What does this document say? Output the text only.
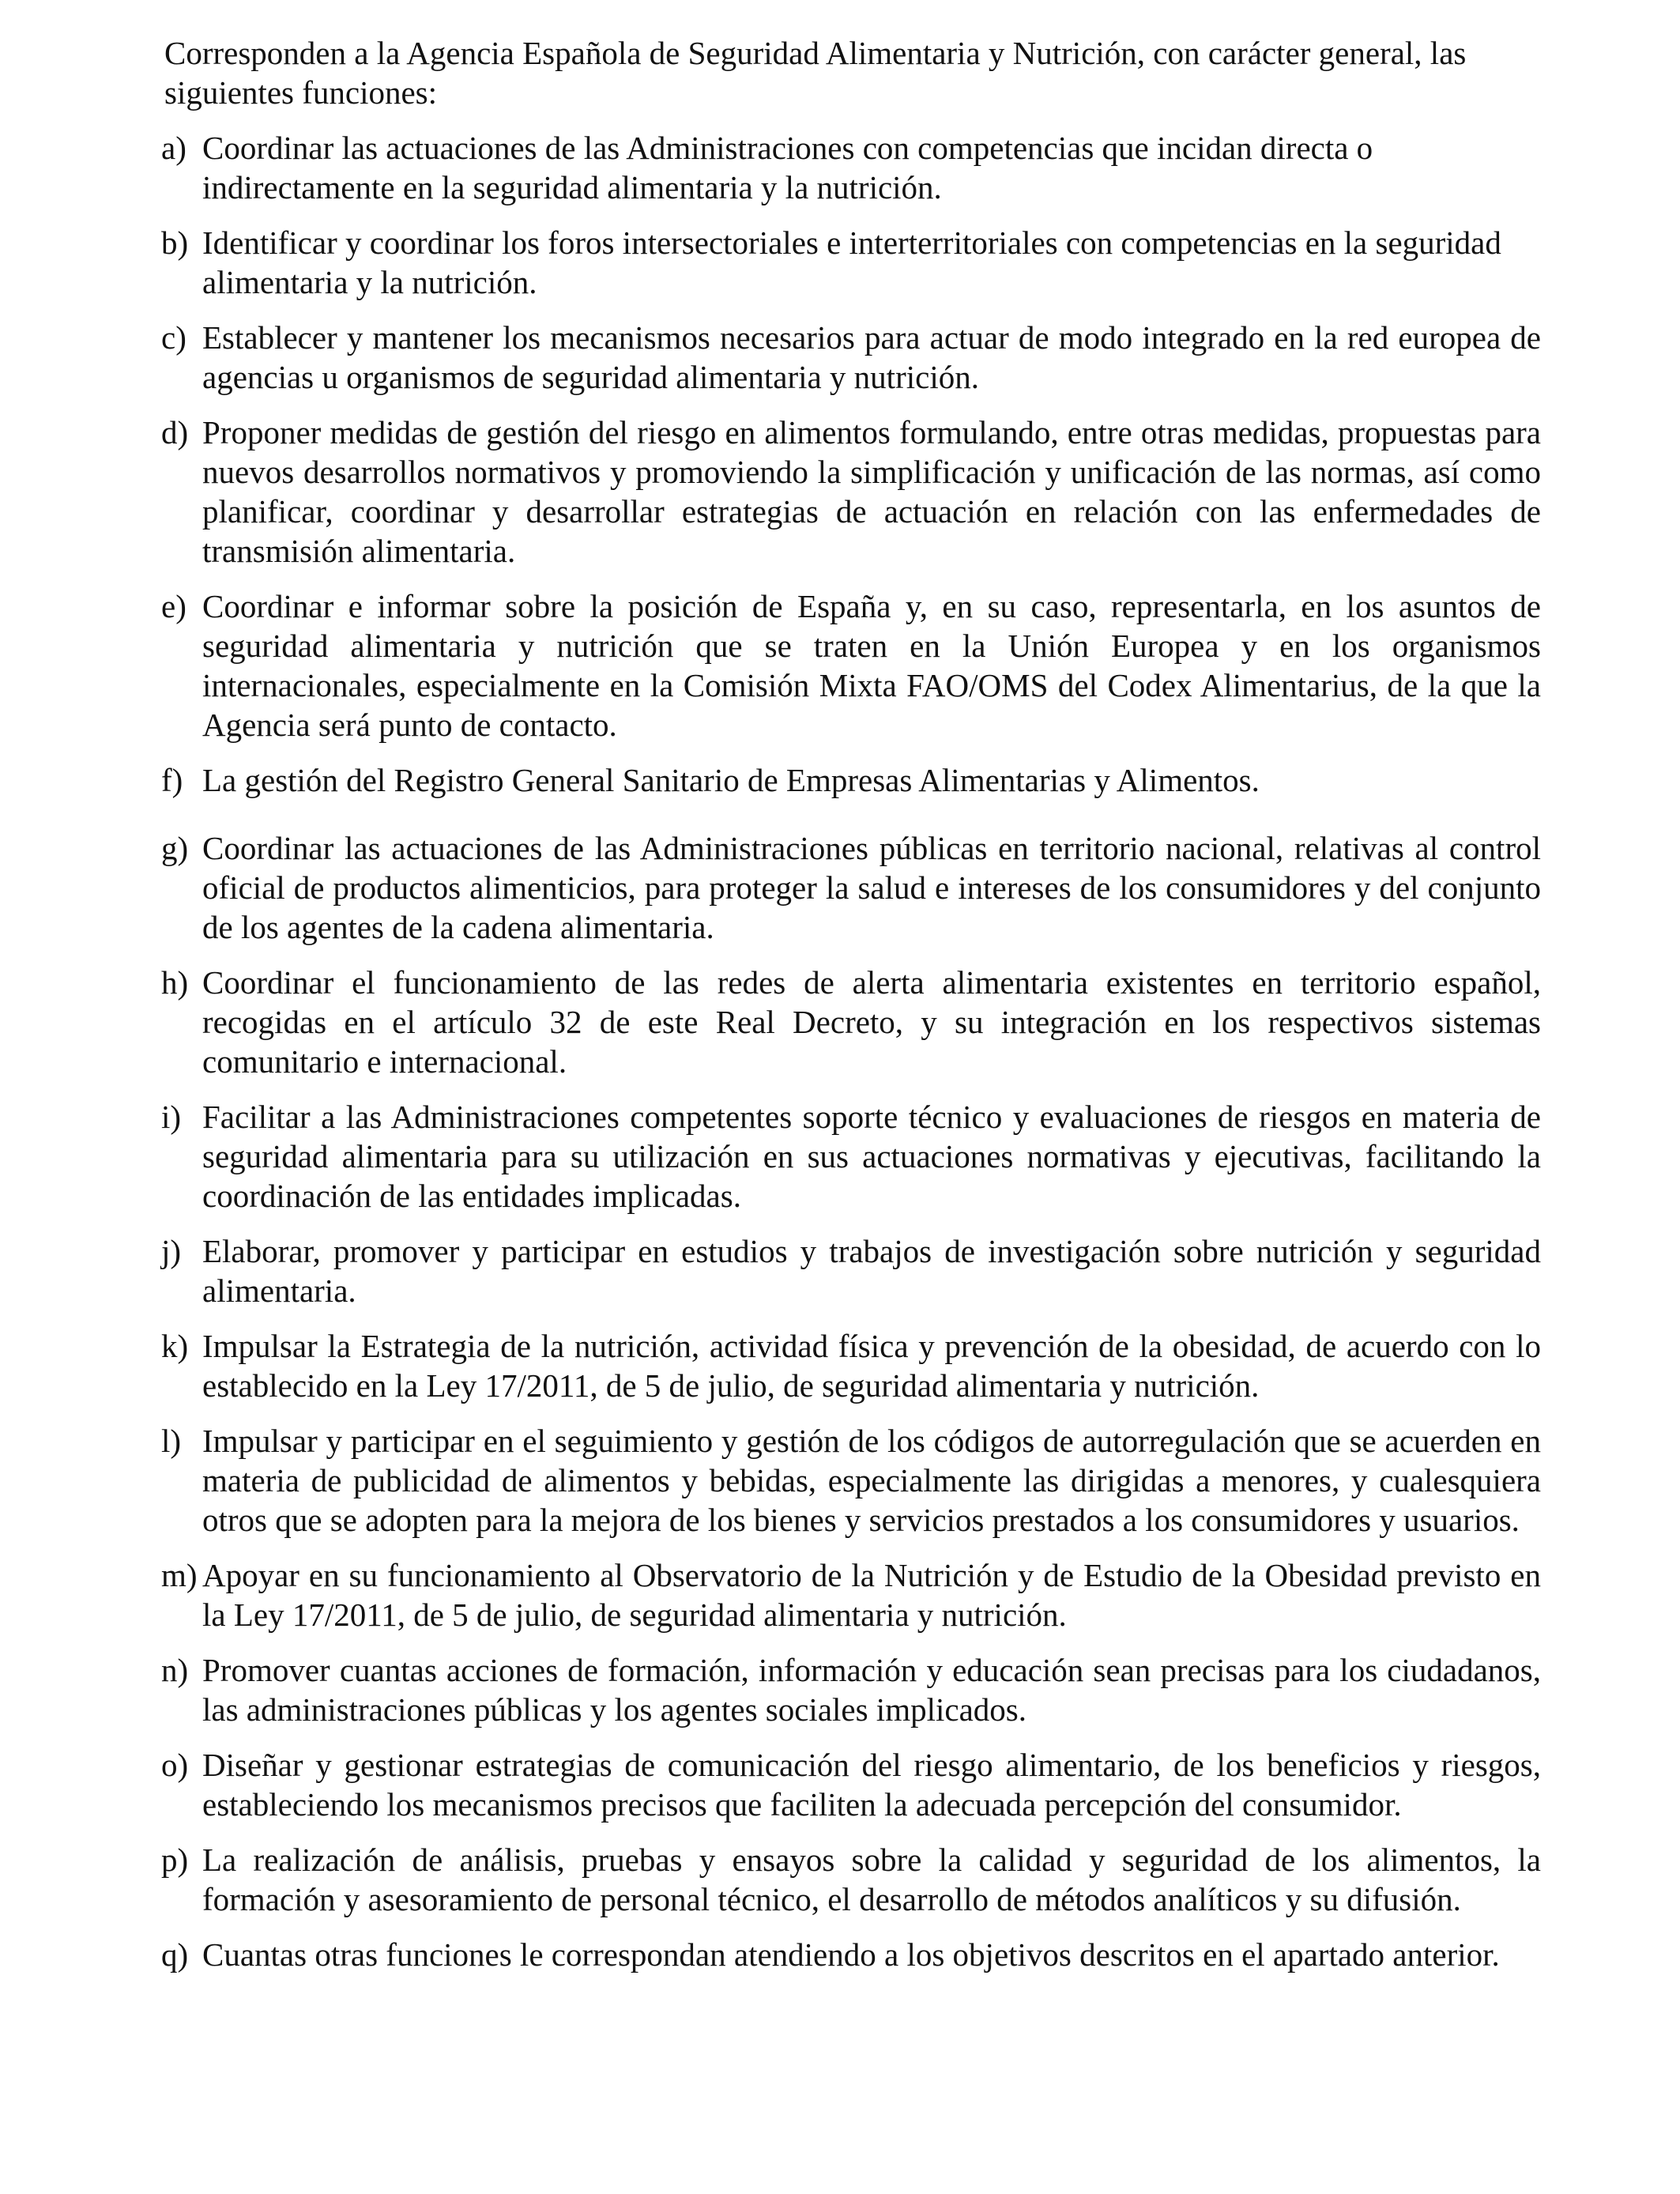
Corresponden a la Agencia Española de Seguridad Alimentaria y Nutrición, con carácter general, las siguientes funciones:

a) Coordinar las actuaciones de las Administraciones con competencias que incidan directa o indirectamente en la seguridad alimentaria y la nutrición.
b) Identificar y coordinar los foros intersectoriales e interterritoriales con competencias en la seguridad alimentaria y la nutrición.
c) Establecer y mantener los mecanismos necesarios para actuar de modo integrado en la red europea de agencias u organismos de seguridad alimentaria y nutrición.
d) Proponer medidas de gestión del riesgo en alimentos formulando, entre otras medidas, propuestas para nuevos desarrollos normativos y promoviendo la simplificación y unificación de las normas, así como planificar, coordinar y desarrollar estrategias de actuación en relación con las enfermedades de transmisión alimentaria.
e) Coordinar e informar sobre la posición de España y, en su caso, representarla, en los asuntos de seguridad alimentaria y nutrición que se traten en la Unión Europea y en los organismos internacionales, especialmente en la Comisión Mixta FAO/OMS del Codex Alimentarius, de la que la Agencia será punto de contacto.
f) La gestión del Registro General Sanitario de Empresas Alimentarias y Alimentos.
g) Coordinar las actuaciones de las Administraciones públicas en territorio nacional, relativas al control oficial de productos alimenticios, para proteger la salud e intereses de los consumidores y del conjunto de los agentes de la cadena alimentaria.
h) Coordinar el funcionamiento de las redes de alerta alimentaria existentes en territorio español, recogidas en el artículo 32 de este Real Decreto, y su integración en los respectivos sistemas comunitario e internacional.
i) Facilitar a las Administraciones competentes soporte técnico y evaluaciones de riesgos en materia de seguridad alimentaria para su utilización en sus actuaciones normativas y ejecutivas, facilitando la coordinación de las entidades implicadas.
j) Elaborar, promover y participar en estudios y trabajos de investigación sobre nutrición y seguridad alimentaria.
k) Impulsar la Estrategia de la nutrición, actividad física y prevención de la obesidad, de acuerdo con lo establecido en la Ley 17/2011, de 5 de julio, de seguridad alimentaria y nutrición.
l) Impulsar y participar en el seguimiento y gestión de los códigos de autorregulación que se acuerden en materia de publicidad de alimentos y bebidas, especialmente las dirigidas a menores, y cualesquiera otros que se adopten para la mejora de los bienes y servicios prestados a los consumidores y usuarios.
m) Apoyar en su funcionamiento al Observatorio de la Nutrición y de Estudio de la Obesidad previsto en la Ley 17/2011, de 5 de julio, de seguridad alimentaria y nutrición.
n) Promover cuantas acciones de formación, información y educación sean precisas para los ciudadanos, las administraciones públicas y los agentes sociales implicados.
o) Diseñar y gestionar estrategias de comunicación del riesgo alimentario, de los beneficios y riesgos, estableciendo los mecanismos precisos que faciliten la adecuada percepción del consumidor.
p) La realización de análisis, pruebas y ensayos sobre la calidad y seguridad de los alimentos, la formación y asesoramiento de personal técnico, el desarrollo de métodos analíticos y su difusión.
q) Cuantas otras funciones le correspondan atendiendo a los objetivos descritos en el apartado anterior.
